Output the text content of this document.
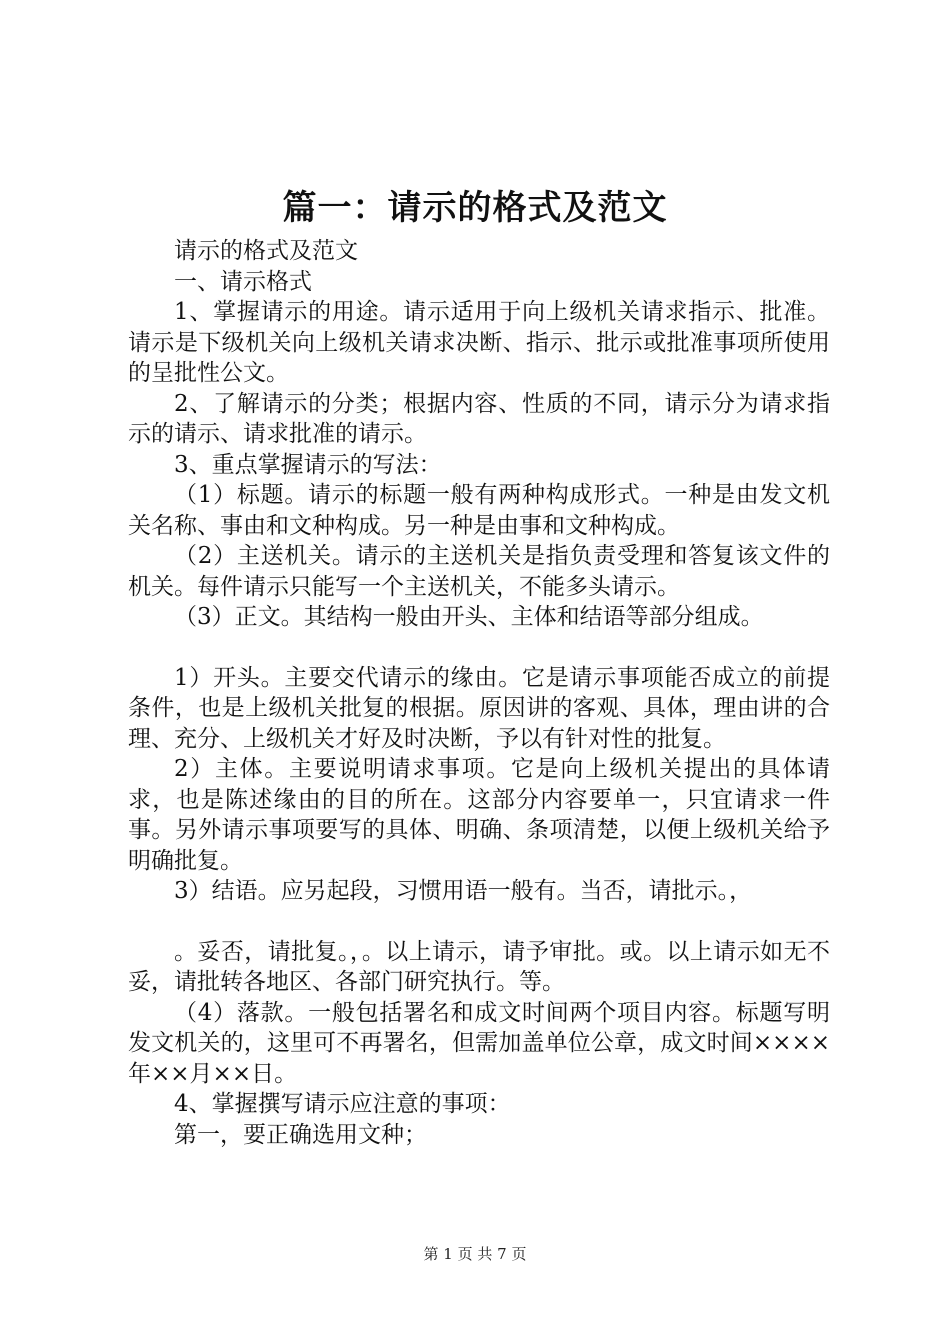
篇一：请示的格式及范文

请示的格式及范文

一、请示格式

1、掌握请示的用途。请示适用于向上级机关请求指示、批准。请示是下级机关向上级机关请求决断、指示、批示或批准事项所使用的呈批性公文。

2、了解请示的分类；根据内容、性质的不同，请示分为请求指示的请示、请求批准的请示。

3、重点掌握请示的写法：

（1）标题。请示的标题一般有两种构成形式。一种是由发文机关名称、事由和文种构成。另一种是由事和文种构成。

（2）主送机关。请示的主送机关是指负责受理和答复该文件的机关。每件请示只能写一个主送机关，不能多头请示。

（3）正文。其结构一般由开头、主体和结语等部分组成。

1）开头。主要交代请示的缘由。它是请示事项能否成立的前提条件，也是上级机关批复的根据。原因讲的客观、具体，理由讲的合理、充分、上级机关才好及时决断，予以有针对性的批复。

2）主体。主要说明请求事项。它是向上级机关提出的具体请求，也是陈述缘由的目的所在。这部分内容要单一，只宜请求一件事。另外请示事项要写的具体、明确、条项清楚，以便上级机关给予明确批复。

3）结语。应另起段，习惯用语一般有。当否，请批示。，

。妥否，请批复。，。以上请示，请予审批。或。以上请示如无不妥，请批转各地区、各部门研究执行。等。

（4）落款。一般包括署名和成文时间两个项目内容。标题写明发文机关的，这里可不再署名，但需加盖单位公章，成文时间××××年××月××日。

4、掌握撰写请示应注意的事项：

第一，要正确选用文种；

第 1 页 共 7 页
